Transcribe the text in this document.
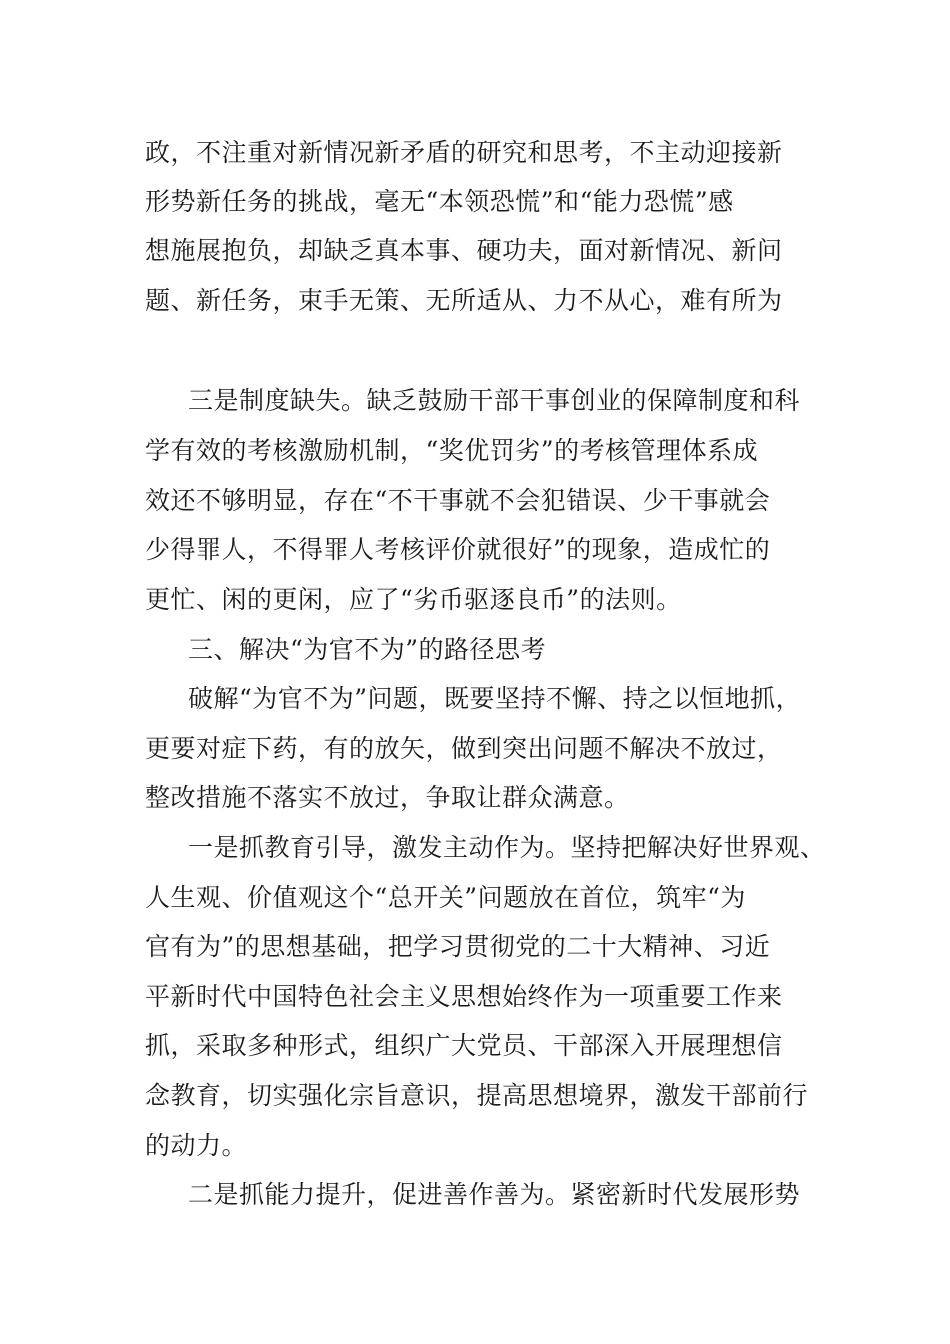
政，不注重对新情况新矛盾的研究和思考，不主动迎接新

形势新任务的挑战，毫无“本领恐慌”和“能力恐慌”感

想施展抱负，却缺乏真本事、硬功夫，面对新情况、新问

题、新任务，束手无策、无所适从、力不从心，难有所为

三是制度缺失。缺乏鼓励干部干事创业的保障制度和科

学有效的考核激励机制，“奖优罚劣”的考核管理体系成

效还不够明显，存在“不干事就不会犯错误、少干事就会

少得罪人，不得罪人考核评价就很好”的现象，造成忙的

更忙、闲的更闲，应了“劣币驱逐良币”的法则。

三、解决“为官不为”的路径思考

破解“为官不为”问题，既要坚持不懈、持之以恒地抓，

更要对症下药，有的放矢，做到突出问题不解决不放过，

整改措施不落实不放过，争取让群众满意。

一是抓教育引导，激发主动作为。坚持把解决好世界观、

人生观、价值观这个“总开关”问题放在首位，筑牢“为

官有为”的思想基础，把学习贯彻党的二十大精神、习近

平新时代中国特色社会主义思想始终作为一项重要工作来

抓，采取多种形式，组织广大党员、干部深入开展理想信

念教育，切实强化宗旨意识，提高思想境界，激发干部前行

的动力。

二是抓能力提升，促进善作善为。紧密新时代发展形势
